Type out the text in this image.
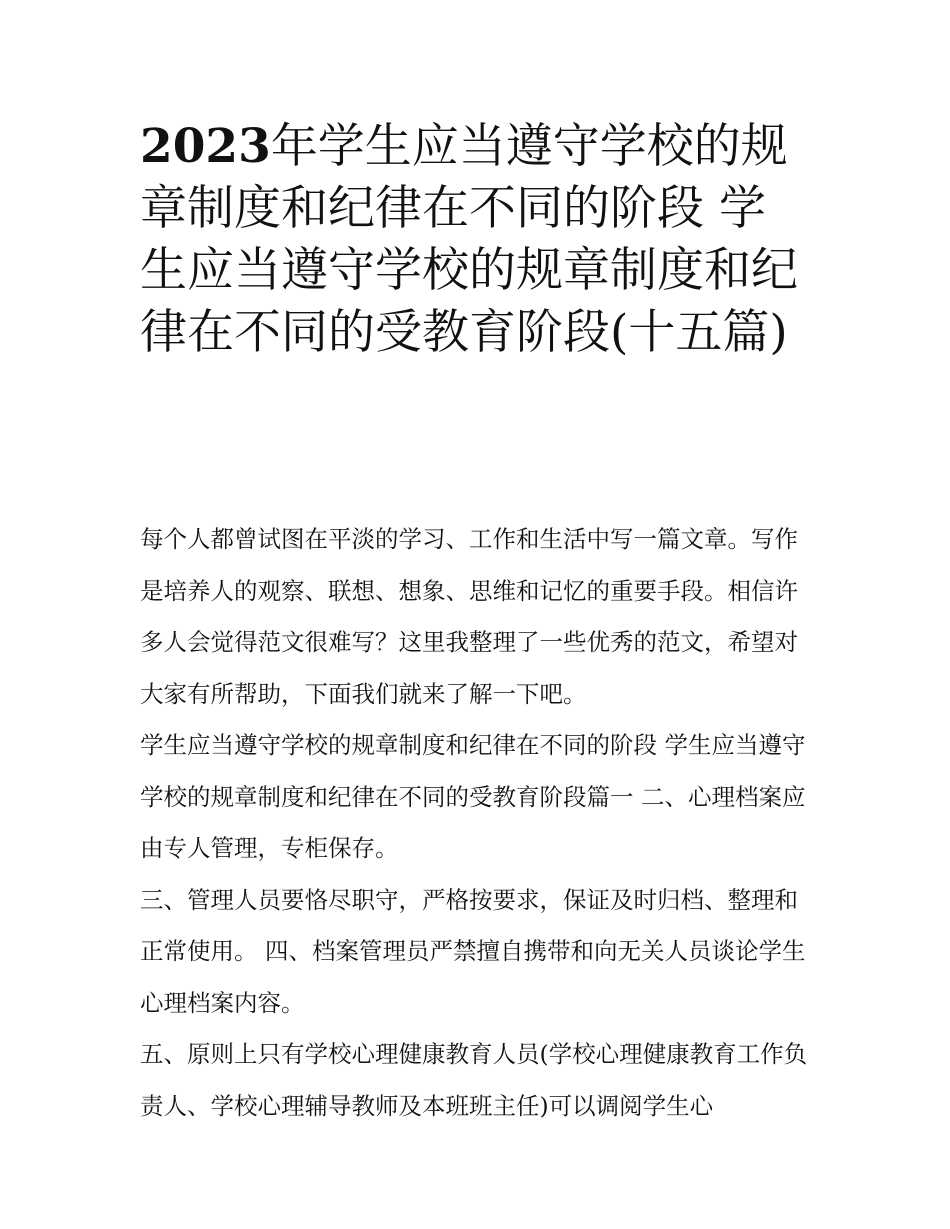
2023年学生应当遵守学校的规章制度和纪律在不同的阶段 学生应当遵守学校的规章制度和纪律在不同的受教育阶段(十五篇)

每个人都曾试图在平淡的学习、工作和生活中写一篇文章。写作是培养人的观察、联想、想象、思维和记忆的重要手段。相信许多人会觉得范文很难写？这里我整理了一些优秀的范文，希望对大家有所帮助，下面我们就来了解一下吧。

学生应当遵守学校的规章制度和纪律在不同的阶段 学生应当遵守学校的规章制度和纪律在不同的受教育阶段篇一 二、心理档案应由专人管理，专柜保存。

三、管理人员要恪尽职守，严格按要求，保证及时归档、整理和正常使用。 四、档案管理员严禁擅自携带和向无关人员谈论学生心理档案内容。

五、原则上只有学校心理健康教育人员(学校心理健康教育工作负责人、学校心理辅导教师及本班班主任)可以调阅学生心
